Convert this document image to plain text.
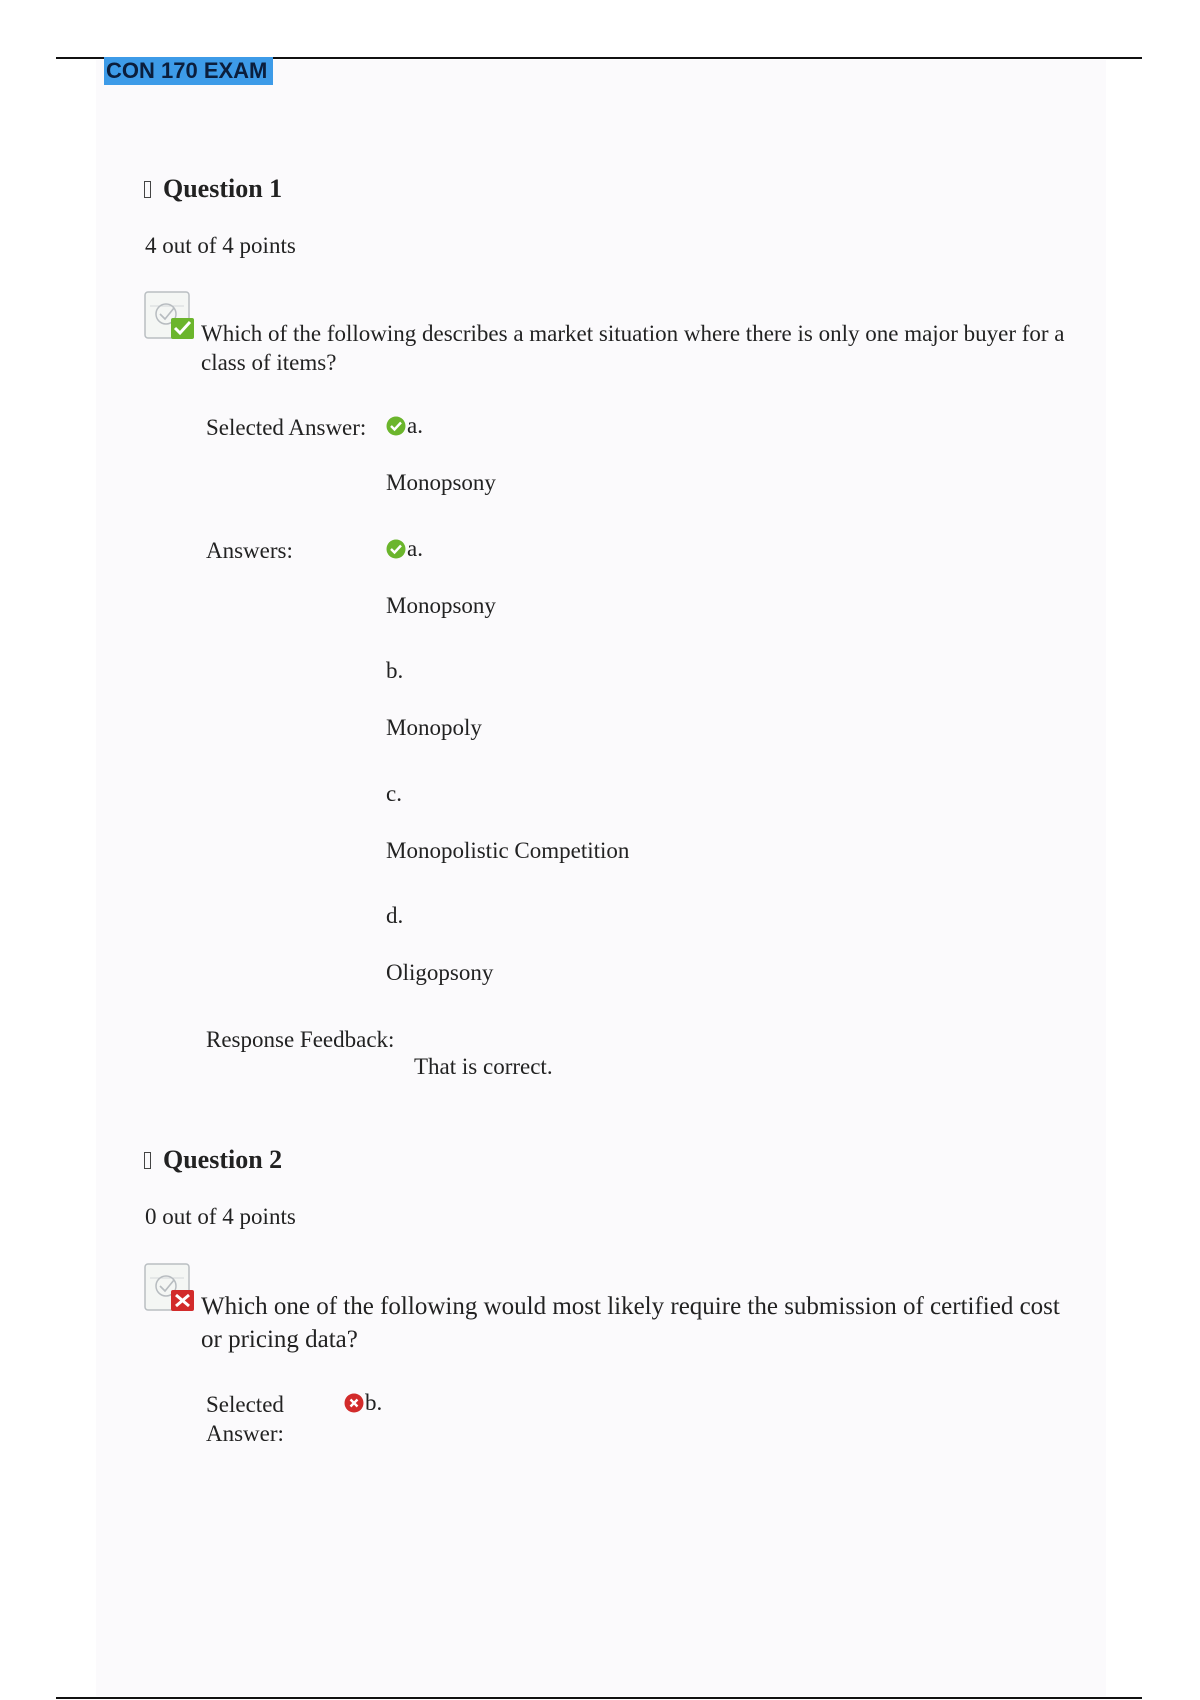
CON 170 EXAM
Question 1
4 out of 4 points
Which of the following describes a market situation where there is only one major buyer for a class of items?
Selected Answer:	a.
Monopsony
Answers:	a.
Monopsony
b.
Monopoly
c.
Monopolistic Competition
d.
Oligopsony
Response Feedback:
That is correct.
Question 2
0 out of 4 points
Which one of the following would most likely require the submission of certified cost or pricing data?
Selected
Answer:
b.
